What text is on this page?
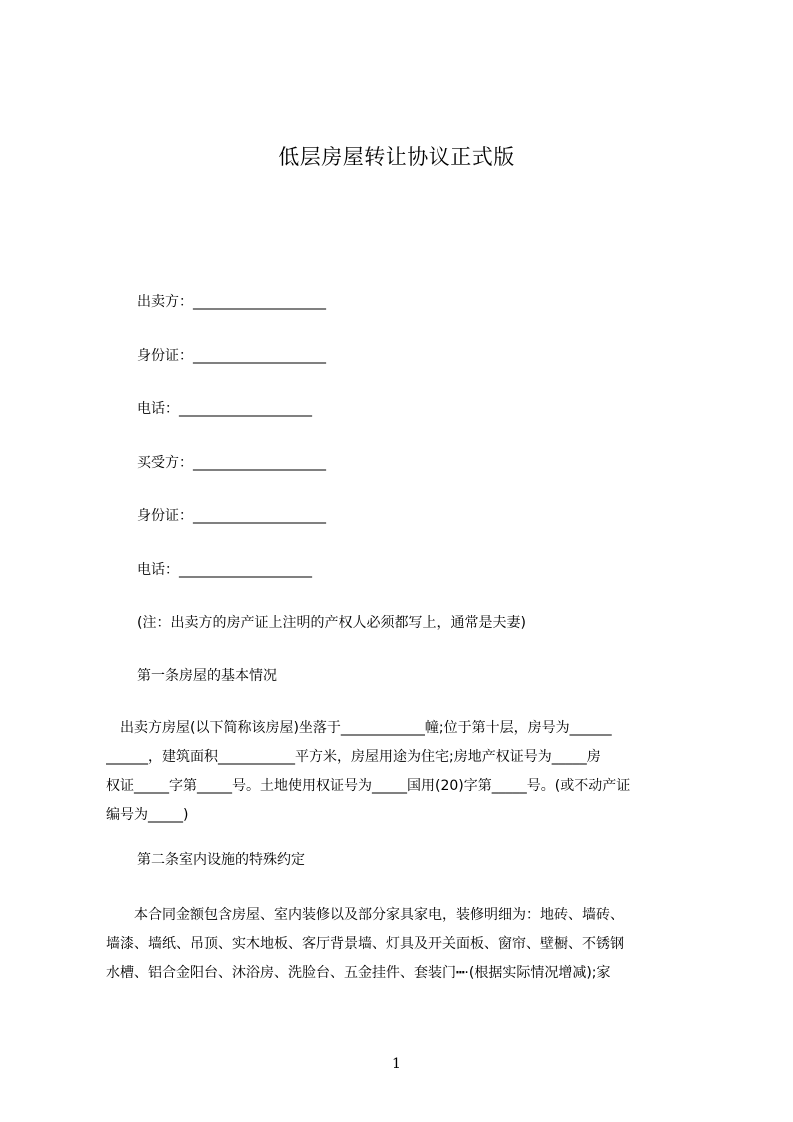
低层房屋转让协议正式版
出卖方：___________________
身份证：___________________
电话：___________________
买受方：___________________
身份证：___________________
电话：___________________
(注：出卖方的房产证上注明的产权人必须都写上，通常是夫妻)
第一条房屋的基本情况
　出卖方房屋(以下简称该房屋)坐落于____________幢;位于第十层，房号为______
______，建筑面积___________平方米，房屋用途为住宅;房地产权证号为_____房
权证_____字第_____号。土地使用权证号为_____国用(20)字第_____号。(或不动产证
编号为_____)
第二条室内设施的特殊约定
　　本合同金额包含房屋、室内装修以及部分家具家电，装修明细为：地砖、墙砖、
墙漆、墙纸、吊顶、实木地板、客厅背景墙、灯具及开关面板、窗帘、壁橱、不锈钢
水槽、铝合金阳台、沐浴房、洗脸台、五金挂件、套装门┅·(根据实际情况增减);家
1
